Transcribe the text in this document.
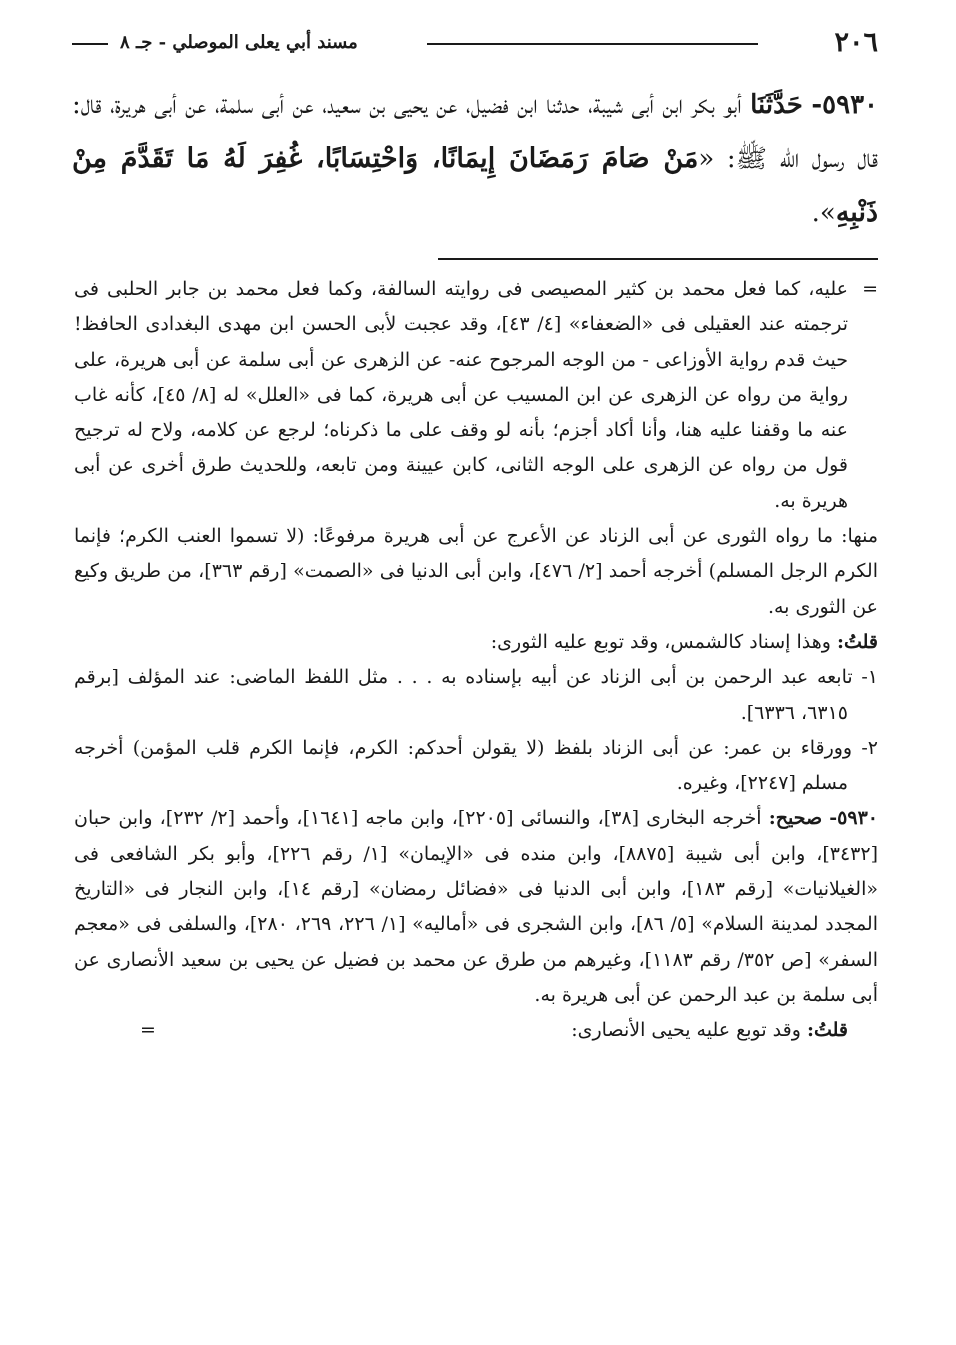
٢٠٦
مسند أبي يعلى الموصلي - جـ ٨
٥٩٣٠- حَدَّثَنَا أبو بكر ابن أبى شيبة، حدثنا ابن فضيل، عن يحيى بن سعيد، عن أبى سلمة، عن أبى هريرة، قال: قال رسول الله ﷺ: «مَنْ صَامَ رَمَضَانَ إِيمَانًا، وَاحْتِسَابًا، غُفِرَ لَهُ مَا تَقَدَّمَ مِنْ ذَنْبِهِ».

=
عليه، كما فعل محمد بن كثير المصيصى فى روايته السالفة، وكما فعل محمد بن جابر الحلبى فى ترجمته عند العقيلى فى «الضعفاء» [٤/ ٤٣]، وقد عجبت لأبى الحسن ابن مهدى البغدادى الحافظ! حيث قدم رواية الأوزاعى - من الوجه المرجوح عنه- عن الزهرى عن أبى سلمة عن أبى هريرة، على رواية من رواه عن الزهرى عن ابن المسيب عن أبى هريرة، كما فى «العلل» له [٨/ ٤٥]، كأنه غاب عنه ما وقفنا عليه هنا، وأنا أكاد أجزم؛ بأنه لو وقف على ما ذكرناه؛ لرجع عن كلامه، ولاح له ترجيح قول من رواه عن الزهرى على الوجه الثانى، كابن عيينة ومن تابعه، وللحديث طرق أخرى عن أبى هريرة به.

منها: ما رواه الثورى عن أبى الزناد عن الأعرج عن أبى هريرة مرفوعًا: (لا تسموا العنب الكرم؛ فإنما الكرم الرجل المسلم) أخرجه أحمد [٢/ ٤٧٦]، وابن أبى الدنيا فى «الصمت» [رقم ٣٦٣]، من طريق وكيع عن الثورى به.

قلتُ: وهذا إسناد كالشمس، وقد توبع عليه الثورى:

١- تابعه عبد الرحمن بن أبى الزناد عن أبيه بإسناده به . . . مثل اللفظ الماضى: عند المؤلف [برقم ٦٣١٥، ٦٣٣٦].

٢- وورقاء بن عمر: عن أبى الزناد بلفظ (لا يقولن أحدكم: الكرم، فإنما الكرم قلب المؤمن) أخرجه مسلم [٢٢٤٧]، وغيره.

٥٩٣٠- صحيح: أخرجه البخارى [٣٨]، والنسائى [٢٢٠٥]، وابن ماجه [١٦٤١]، وأحمد [٢/ ٢٣٢]، وابن حبان [٣٤٣٢]، وابن أبى شيبة [٨٨٧٥]، وابن منده فى «الإيمان» [١/ رقم ٢٢٦]، وأبو بكر الشافعى فى «الغيلانيات» [رقم ١٨٣]، وابن أبى الدنيا فى «فضائل رمضان» [رقم ١٤]، وابن النجار فى «التاريخ المجدد لمدينة السلام» [٥/ ٨٦]، وابن الشجرى فى «أماليه» [١/ ٢٢٦، ٢٦٩، ٢٨٠]، والسلفى فى «معجم السفر» [ص ٣٥٢/ رقم ١١٨٣]، وغيرهم من طرق عن محمد بن فضيل عن يحيى بن سعيد الأنصارى عن أبى سلمة بن عبد الرحمن عن أبى هريرة به.

قلتُ: وقد توبع عليه يحيى الأنصارى:
=
